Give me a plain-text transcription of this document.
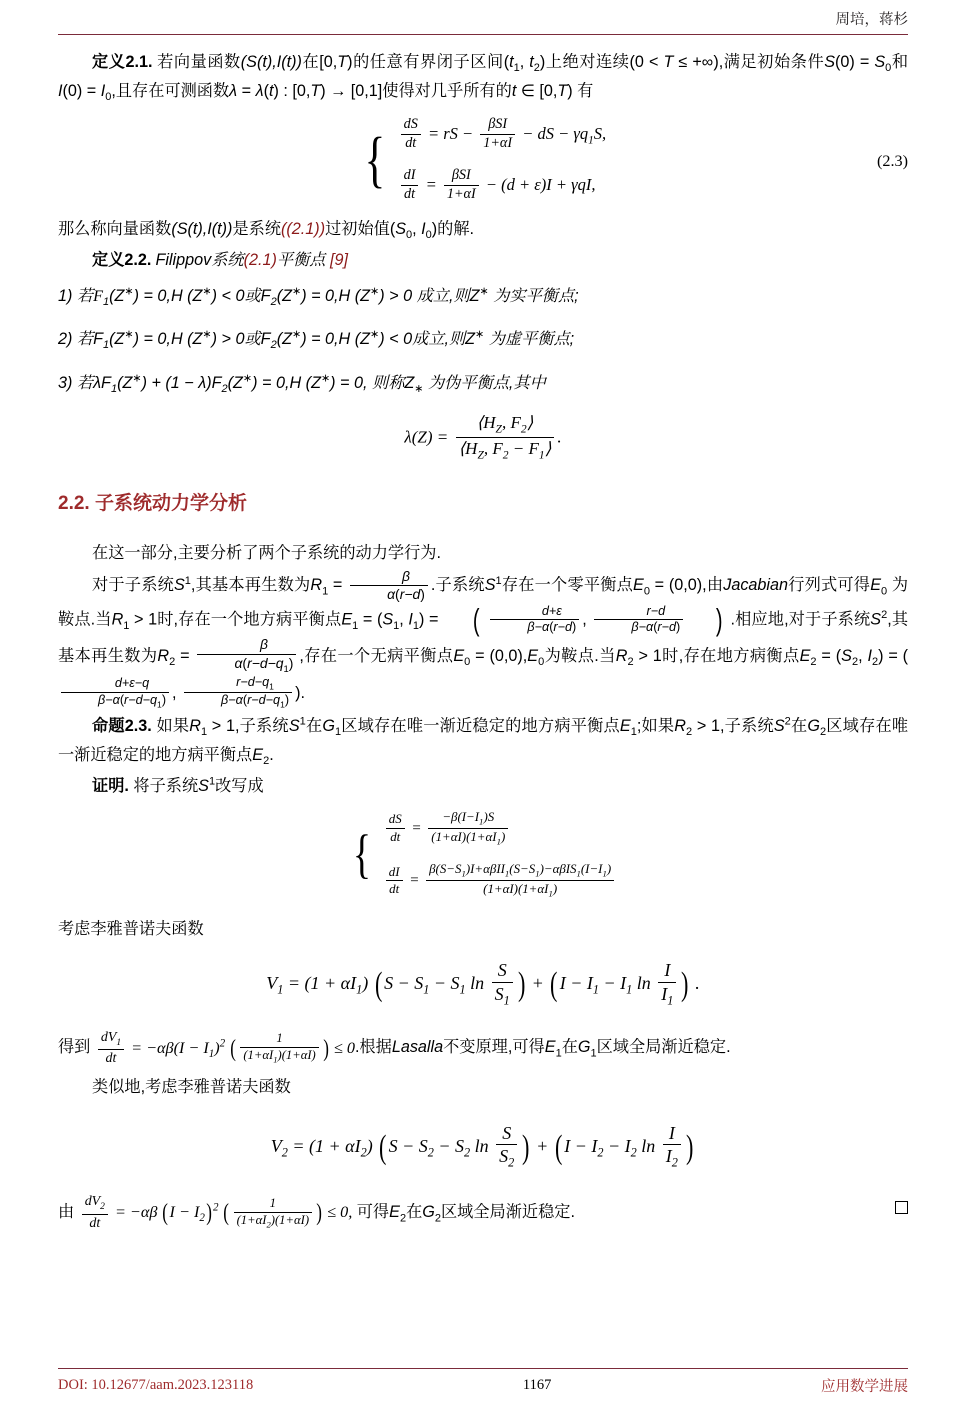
周培，蒋杉

定义2.1. 若向量函数(S(t),I(t))在[0,T)的任意有界闭子区间($t_1$, $t_2$)上绝对连续(0 < T ≤ +∞),满足初始条件$S(0) = S_0$和$I(0) = I_0$,且存在可测函数λ = λ(t) : [0,T) → [0,1]使得对几乎所有的t ∈ [0,T) 有

{ $\frac{dS}{dt}$ = rS − $\frac{\text{βSI}}{1+\alpha I}$ − dS − $\gamma q_1S$,
$\frac{dI}{dt} = \frac{\text{βSI}}{1+\alpha I} - (d + \varepsilon)I + \gamma qI$,
(2.3)

那么称向量函数(S(t),I(t))是系统((2.1))过初始值($S_0$, $I_0$)的解.

定义2.2. Filippov系统(2.1)平衡点 [9]

1) 若$F_1(Z^∗) = 0,H$ (Z∗) < 0或$F_2(Z^∗) = 0,H$ (Z∗) > 0 成立,则Z∗ 为实平衡点;

2) 若$F_1(Z^∗) = 0,H$ (Z∗) > 0或$F_2(Z^∗) = 0,H$ (Z∗) < 0成立,则Z∗ 为虚平衡点;

3) 若$\lambda F_1(Z^∗) + (1 - \lambda)F_2(Z^∗) = 0,H$ (Z∗) = 0, 则称$Z_∗$ 为伪平衡点,其中

$\lambda(Z) = \frac{⟨H_Z, F_2⟩}{⟨H_Z, F_2 - F_1⟩}$ .
2.2. 子系统动力学分析

在这一部分,主要分析了两个子系统的动力学行为.

对于子系统$S^1$,其基本再生数为$R_1 = \frac{\beta}{\alpha(r-d)}$ .子系统$S^1$存在一个零平衡点$E_0 = (0,0)$,由Jacabian行列式可得$E_0$ 为鞍点.当$R_1 > 1$时,存在一个地方病平衡点$E_1 = (S_1$, $I_1$) = ( $\frac{d+\varepsilon}{\beta-\alpha(r-d)}$ , $\frac{r-d}{\beta-\alpha(r-d)}$ ) .相应地,对于子系统$S^2$,其基本再生数为$R_2 = \frac{\beta}{\alpha(r-d-q_1)}$ ,存在一个无病平衡点$E_0 = (0,0),E_0$为鞍点.当$R_2 > 1$时,存在地方病衡点$E_2 = (S_2$, $I_2$) = (
$\frac{d+\varepsilon-q}{\beta-\alpha(r-d-q_1)}$ , $\frac{r-d-q_1}{\beta-\alpha(r-d-q_1)}$ ).

命题2.3. 如果$R_1 > 1$,子系统$S^1$在$G_1$区域存在唯一渐近稳定的地方病平衡点$E_1$;如果$R_2 > 1$,子系统$S^2$在$G_2$区域存在唯一渐近稳定的地方病平衡点$E_2$.

证明. 将子系统$S^1$改写成

{ $\frac{dS}{dt} = \frac{-\beta(I-I_1)S}{(1+\alpha I)(1+\alpha I_1)}$
$\frac{dI}{dt} = \frac{\beta(S-S_1)I+\alpha\beta II_1(S-S_1)-\alpha\beta IS_1(I-I_1)}{(1+\alpha I)(1+\alpha I_1)}$

考虑李雅普诺夫函数

$V_1 = (1 + \alpha I_1)$ ( $S - S_1 - S_1$ $\ln \frac{S}{S_1}$ ) + ( $I - I_1 - I_1$ $\ln \frac{I}{I_1}$ ) .

得到 $\frac{dV_1}{dt} = -\alpha\beta(I - I_1)^2$ ( $\frac{1}{(1+\alpha I_1)(1+\alpha I)}$ ) ≤ 0.根据Lasalla不变原理,可得$E_1$在$G_1$区域全局渐近稳定.

类似地,考虑李雅普诺夫函数

$V_2 = (1 + \alpha I_2)$ ( $S - S_2 - S_2$ $\ln \frac{S}{S_2}$ ) + ( $I - I_2 - I_2$ $\ln \frac{I}{I_2}$ )

由 $\frac{dV_2}{dt} = -\alpha\beta$ $(I - I_2)^2$ ( $\frac{1}{(1+\alpha I_2)(1+\alpha I)}$ ) ≤ 0, 可得$E_2$在$G_2$区域全局渐近稳定.

DOI: 10.12677/aam.2023.123118	1167	应用数学进展
